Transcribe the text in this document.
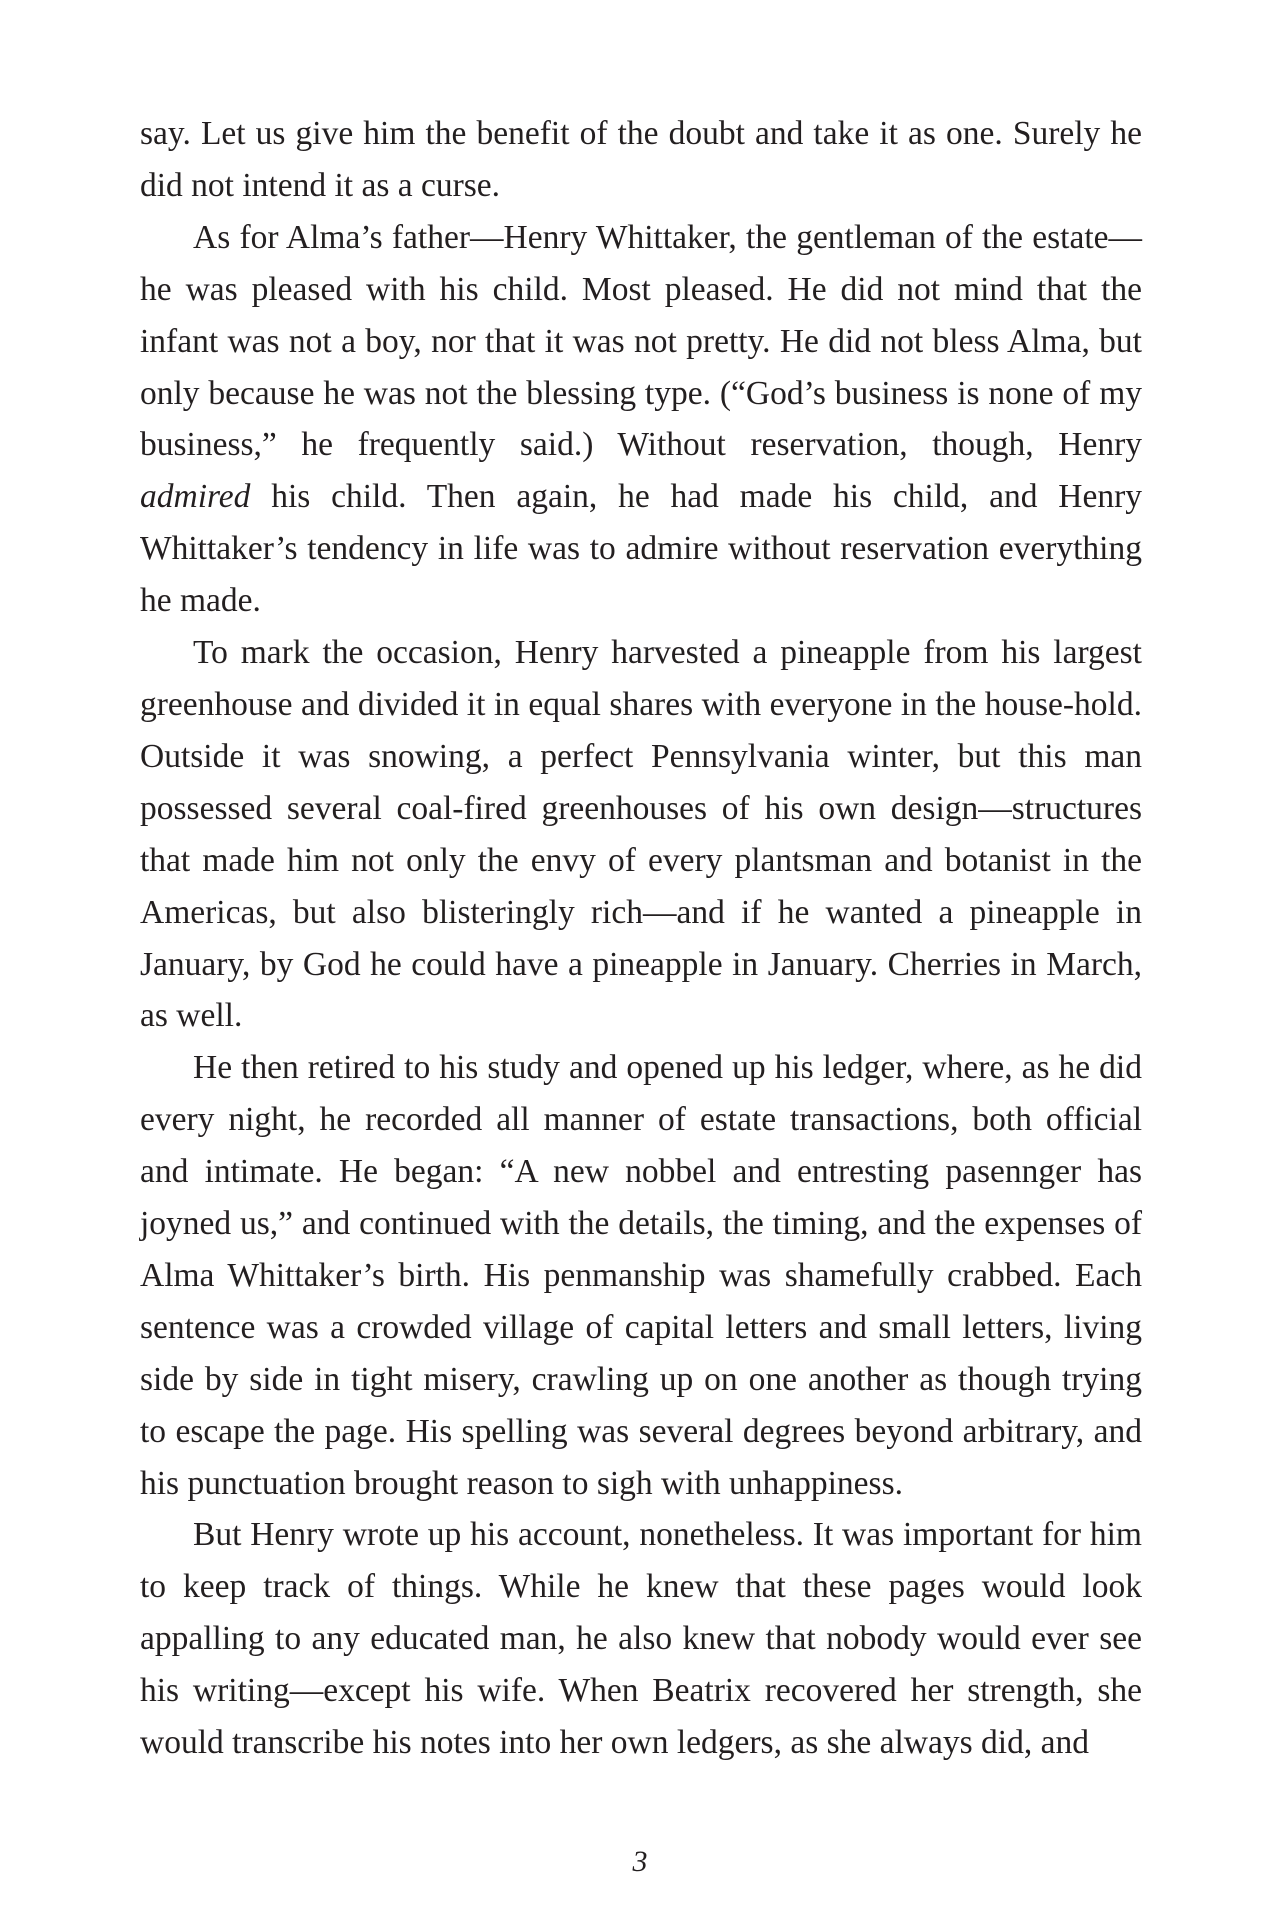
say. Let us give him the benefit of the doubt and take it as one. Surely he did not intend it as a curse.

As for Alma’s father—Henry Whittaker, the gentleman of the estate—he was pleased with his child. Most pleased. He did not mind that the infant was not a boy, nor that it was not pretty. He did not bless Alma, but only because he was not the blessing type. (“God’s business is none of my business,” he frequently said.) Without reservation, though, Henry admired his child. Then again, he had made his child, and Henry Whittaker’s tendency in life was to admire without reservation everything he made.

To mark the occasion, Henry harvested a pineapple from his largest greenhouse and divided it in equal shares with everyone in the house-hold. Outside it was snowing, a perfect Pennsylvania winter, but this man possessed several coal-fired greenhouses of his own design—structures that made him not only the envy of every plantsman and botanist in the Americas, but also blisteringly rich—and if he wanted a pineapple in January, by God he could have a pineapple in January. Cherries in March, as well.

He then retired to his study and opened up his ledger, where, as he did every night, he recorded all manner of estate transactions, both official and intimate. He began: “A new nobbel and entresting pasennger has joyned us,” and continued with the details, the timing, and the expenses of Alma Whittaker’s birth. His penmanship was shamefully crabbed. Each sentence was a crowded village of capital letters and small letters, living side by side in tight misery, crawling up on one another as though trying to escape the page. His spelling was several degrees beyond arbitrary, and his punctuation brought reason to sigh with unhappiness.

But Henry wrote up his account, nonetheless. It was important for him to keep track of things. While he knew that these pages would look appalling to any educated man, he also knew that nobody would ever see his writing—except his wife. When Beatrix recovered her strength, she would transcribe his notes into her own ledgers, as she always did, and

3
